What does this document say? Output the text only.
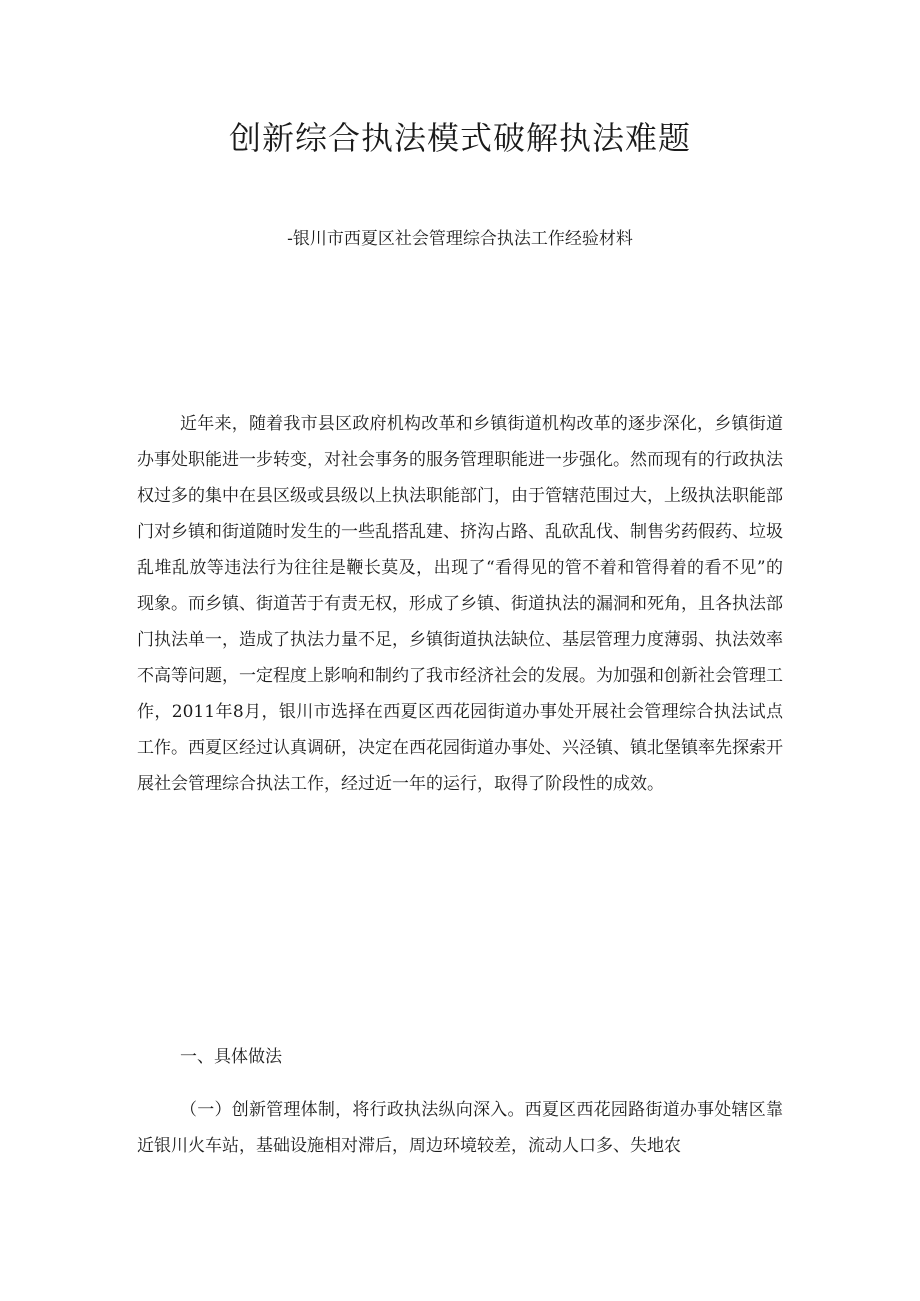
创新综合执法模式破解执法难题

-银川市西夏区社会管理综合执法工作经验材料

近年来，随着我市县区政府机构改革和乡镇街道机构改革的逐步深化，乡镇街道办事处职能进一步转变，对社会事务的服务管理职能进一步强化。然而现有的行政执法权过多的集中在县区级或县级以上执法职能部门，由于管辖范围过大，上级执法职能部门对乡镇和街道随时发生的一些乱搭乱建、挤沟占路、乱砍乱伐、制售劣药假药、垃圾乱堆乱放等违法行为往往是鞭长莫及，出现了“看得见的管不着和管得着的看不见”的现象。而乡镇、街道苦于有责无权，形成了乡镇、街道执法的漏洞和死角，且各执法部门执法单一，造成了执法力量不足，乡镇街道执法缺位、基层管理力度薄弱、执法效率不高等问题，一定程度上影响和制约了我市经济社会的发展。为加强和创新社会管理工作，2011年8月，银川市选择在西夏区西花园街道办事处开展社会管理综合执法试点工作。西夏区经过认真调研，决定在西花园街道办事处、兴泾镇、镇北堡镇率先探索开展社会管理综合执法工作，经过近一年的运行，取得了阶段性的成效。

一、具体做法

（一）创新管理体制，将行政执法纵向深入。西夏区西花园路街道办事处辖区靠近银川火车站，基础设施相对滞后，周边环境较差，流动人口多、失地农
